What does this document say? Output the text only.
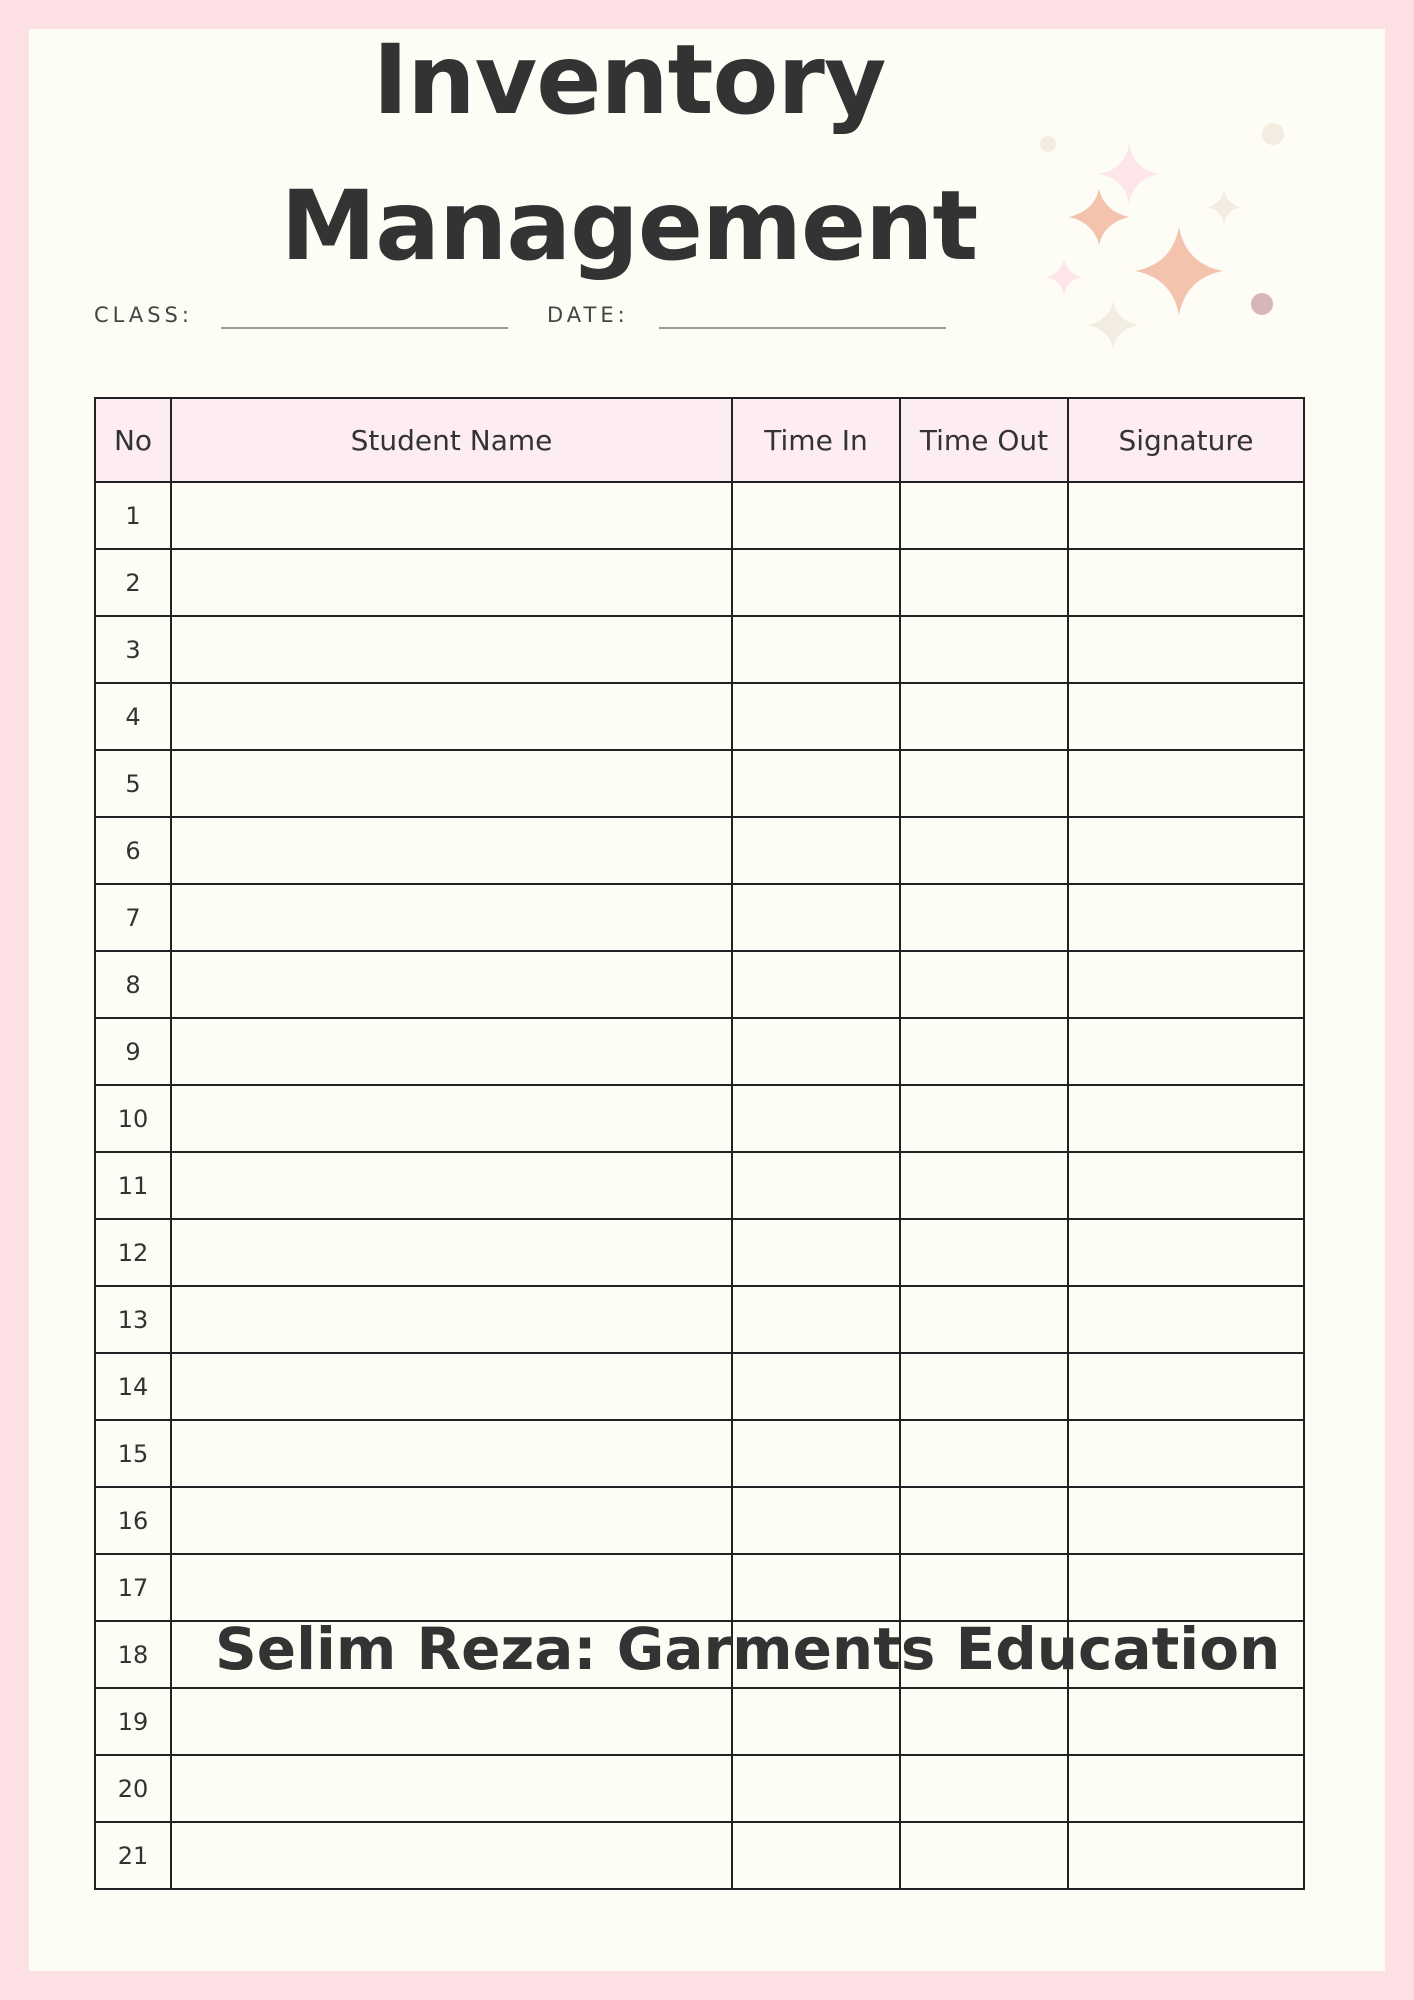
Inventory
Management
CLASS:	DATE:
No	Student Name	Time In	Time Out	Signature
1				
2				
3				
4				
5				
6				
7				
8				
9				
10				
11				
12				
13				
14				
15				
16				
17				
18				
19				
20				
21				
Selim Reza: Garments Education
